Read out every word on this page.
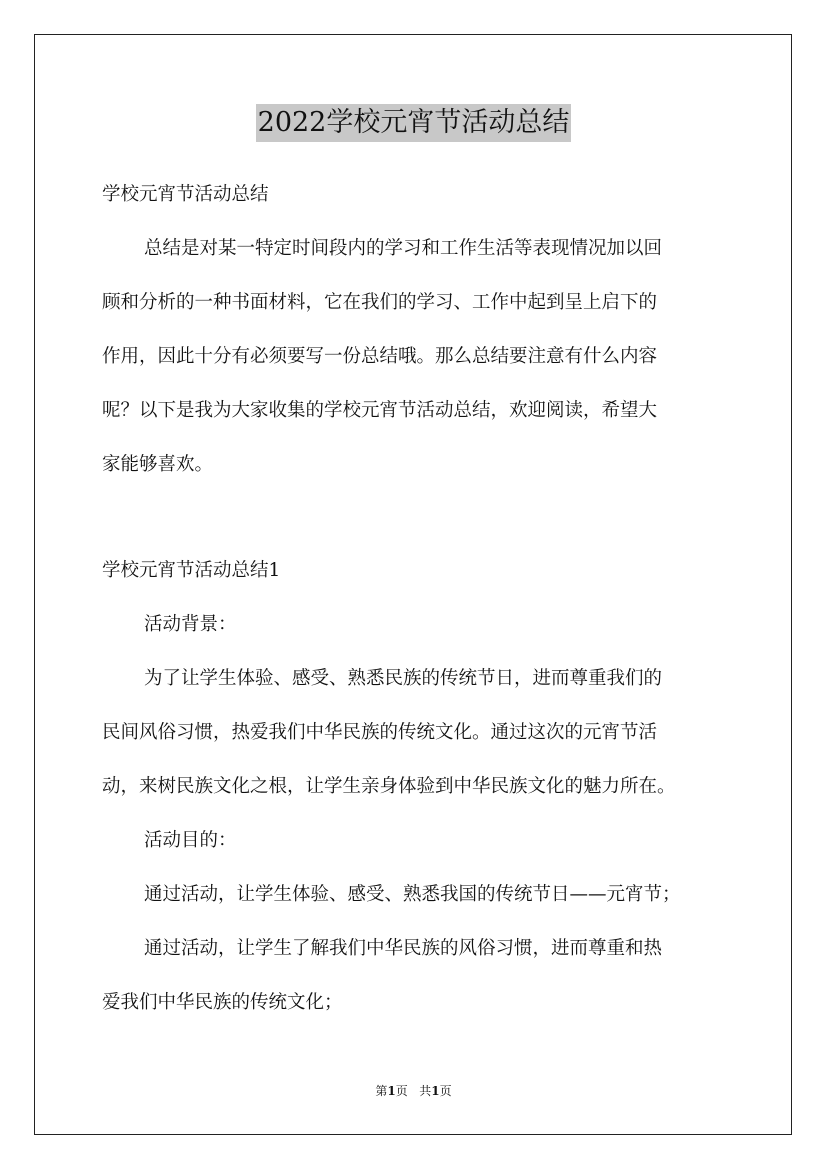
2022学校元宵节活动总结
学校元宵节活动总结
总结是对某一特定时间段内的学习和工作生活等表现情况加以回
顾和分析的一种书面材料，它在我们的学习、工作中起到呈上启下的
作用，因此十分有必须要写一份总结哦。那么总结要注意有什么内容
呢？以下是我为大家收集的学校元宵节活动总结，欢迎阅读，希望大
家能够喜欢。
学校元宵节活动总结1
活动背景：
为了让学生体验、感受、熟悉民族的传统节日，进而尊重我们的
民间风俗习惯，热爱我们中华民族的传统文化。通过这次的元宵节活
动，来树民族文化之根，让学生亲身体验到中华民族文化的魅力所在。
活动目的：
通过活动，让学生体验、感受、熟悉我国的传统节日——元宵节；
通过活动，让学生了解我们中华民族的风俗习惯，进而尊重和热
爱我们中华民族的传统文化；
第1页 共1页
